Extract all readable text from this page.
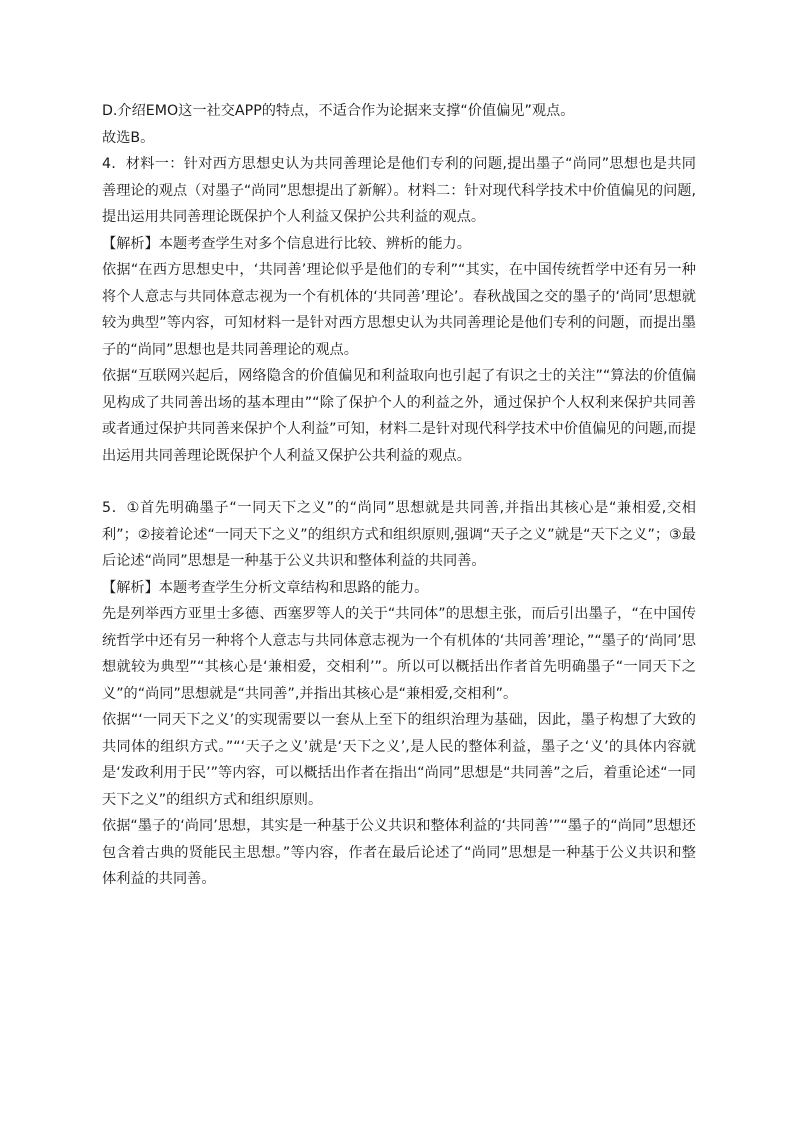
D.介绍EMO这一社交APP的特点，不适合作为论据来支撑“价值偏见”观点。

故选B。

4．材料一：针对西方思想史认为共同善理论是他们专利的问题,提出墨子“尚同”思想也是共同善理论的观点（对墨子“尚同”思想提出了新解）。材料二：针对现代科学技术中价值偏见的问题,提出运用共同善理论既保护个人利益又保护公共利益的观点。

【解析】本题考查学生对多个信息进行比较、辨析的能力。

依据“在西方思想史中，‘共同善’理论似乎是他们的专利”“其实，在中国传统哲学中还有另一种将个人意志与共同体意志视为一个有机体的‘共同善’理论’。春秋战国之交的墨子的‘尚同’思想就较为典型”等内容，可知材料一是针对西方思想史认为共同善理论是他们专利的问题，而提出墨子的“尚同”思想也是共同善理论的观点。

依据“互联网兴起后，网络隐含的价值偏见和利益取向也引起了有识之士的关注”“算法的价值偏见构成了共同善出场的基本理由”“除了保护个人的利益之外，通过保护个人权利来保护共同善或者通过保护共同善来保护个人利益”可知，材料二是针对现代科学技术中价值偏见的问题,而提出运用共同善理论既保护个人利益又保护公共利益的观点。

5．①首先明确墨子“一同天下之义”的“尚同”思想就是共同善,并指出其核心是“兼相爱,交相利”；②接着论述“一同天下之义”的组织方式和组织原则,强调“天子之义”就是“天下之义”；③最后论述“尚同”思想是一种基于公义共识和整体利益的共同善。

【解析】本题考查学生分析文章结构和思路的能力。

先是列举西方亚里士多德、西塞罗等人的关于“共同体”的思想主张，而后引出墨子，“在中国传统哲学中还有另一种将个人意志与共同体意志视为一个有机体的‘共同善’理论，”“墨子的‘尚同’思想就较为典型”“其核心是‘兼相爱，交相利’”。所以可以概括出作者首先明确墨子“一同天下之义”的“尚同”思想就是“共同善”,并指出其核心是“兼相爱,交相利”。

依据“‘一同天下之义’的实现需要以一套从上至下的组织治理为基础，因此，墨子构想了大致的共同体的组织方式。”“‘天子之义’就是‘天下之义’,是人民的整体利益，墨子之‘义’的具体内容就是‘发政利用于民’”等内容，可以概括出作者在指出“尚同”思想是“共同善”之后，着重论述“一同天下之义”的组织方式和组织原则。

依据“墨子的‘尚同’思想，其实是一种基于公义共识和整体利益的‘共同善’”“墨子的“尚同”思想还包含着古典的贤能民主思想。”等内容，作者在最后论述了“尚同”思想是一种基于公义共识和整体利益的共同善。
